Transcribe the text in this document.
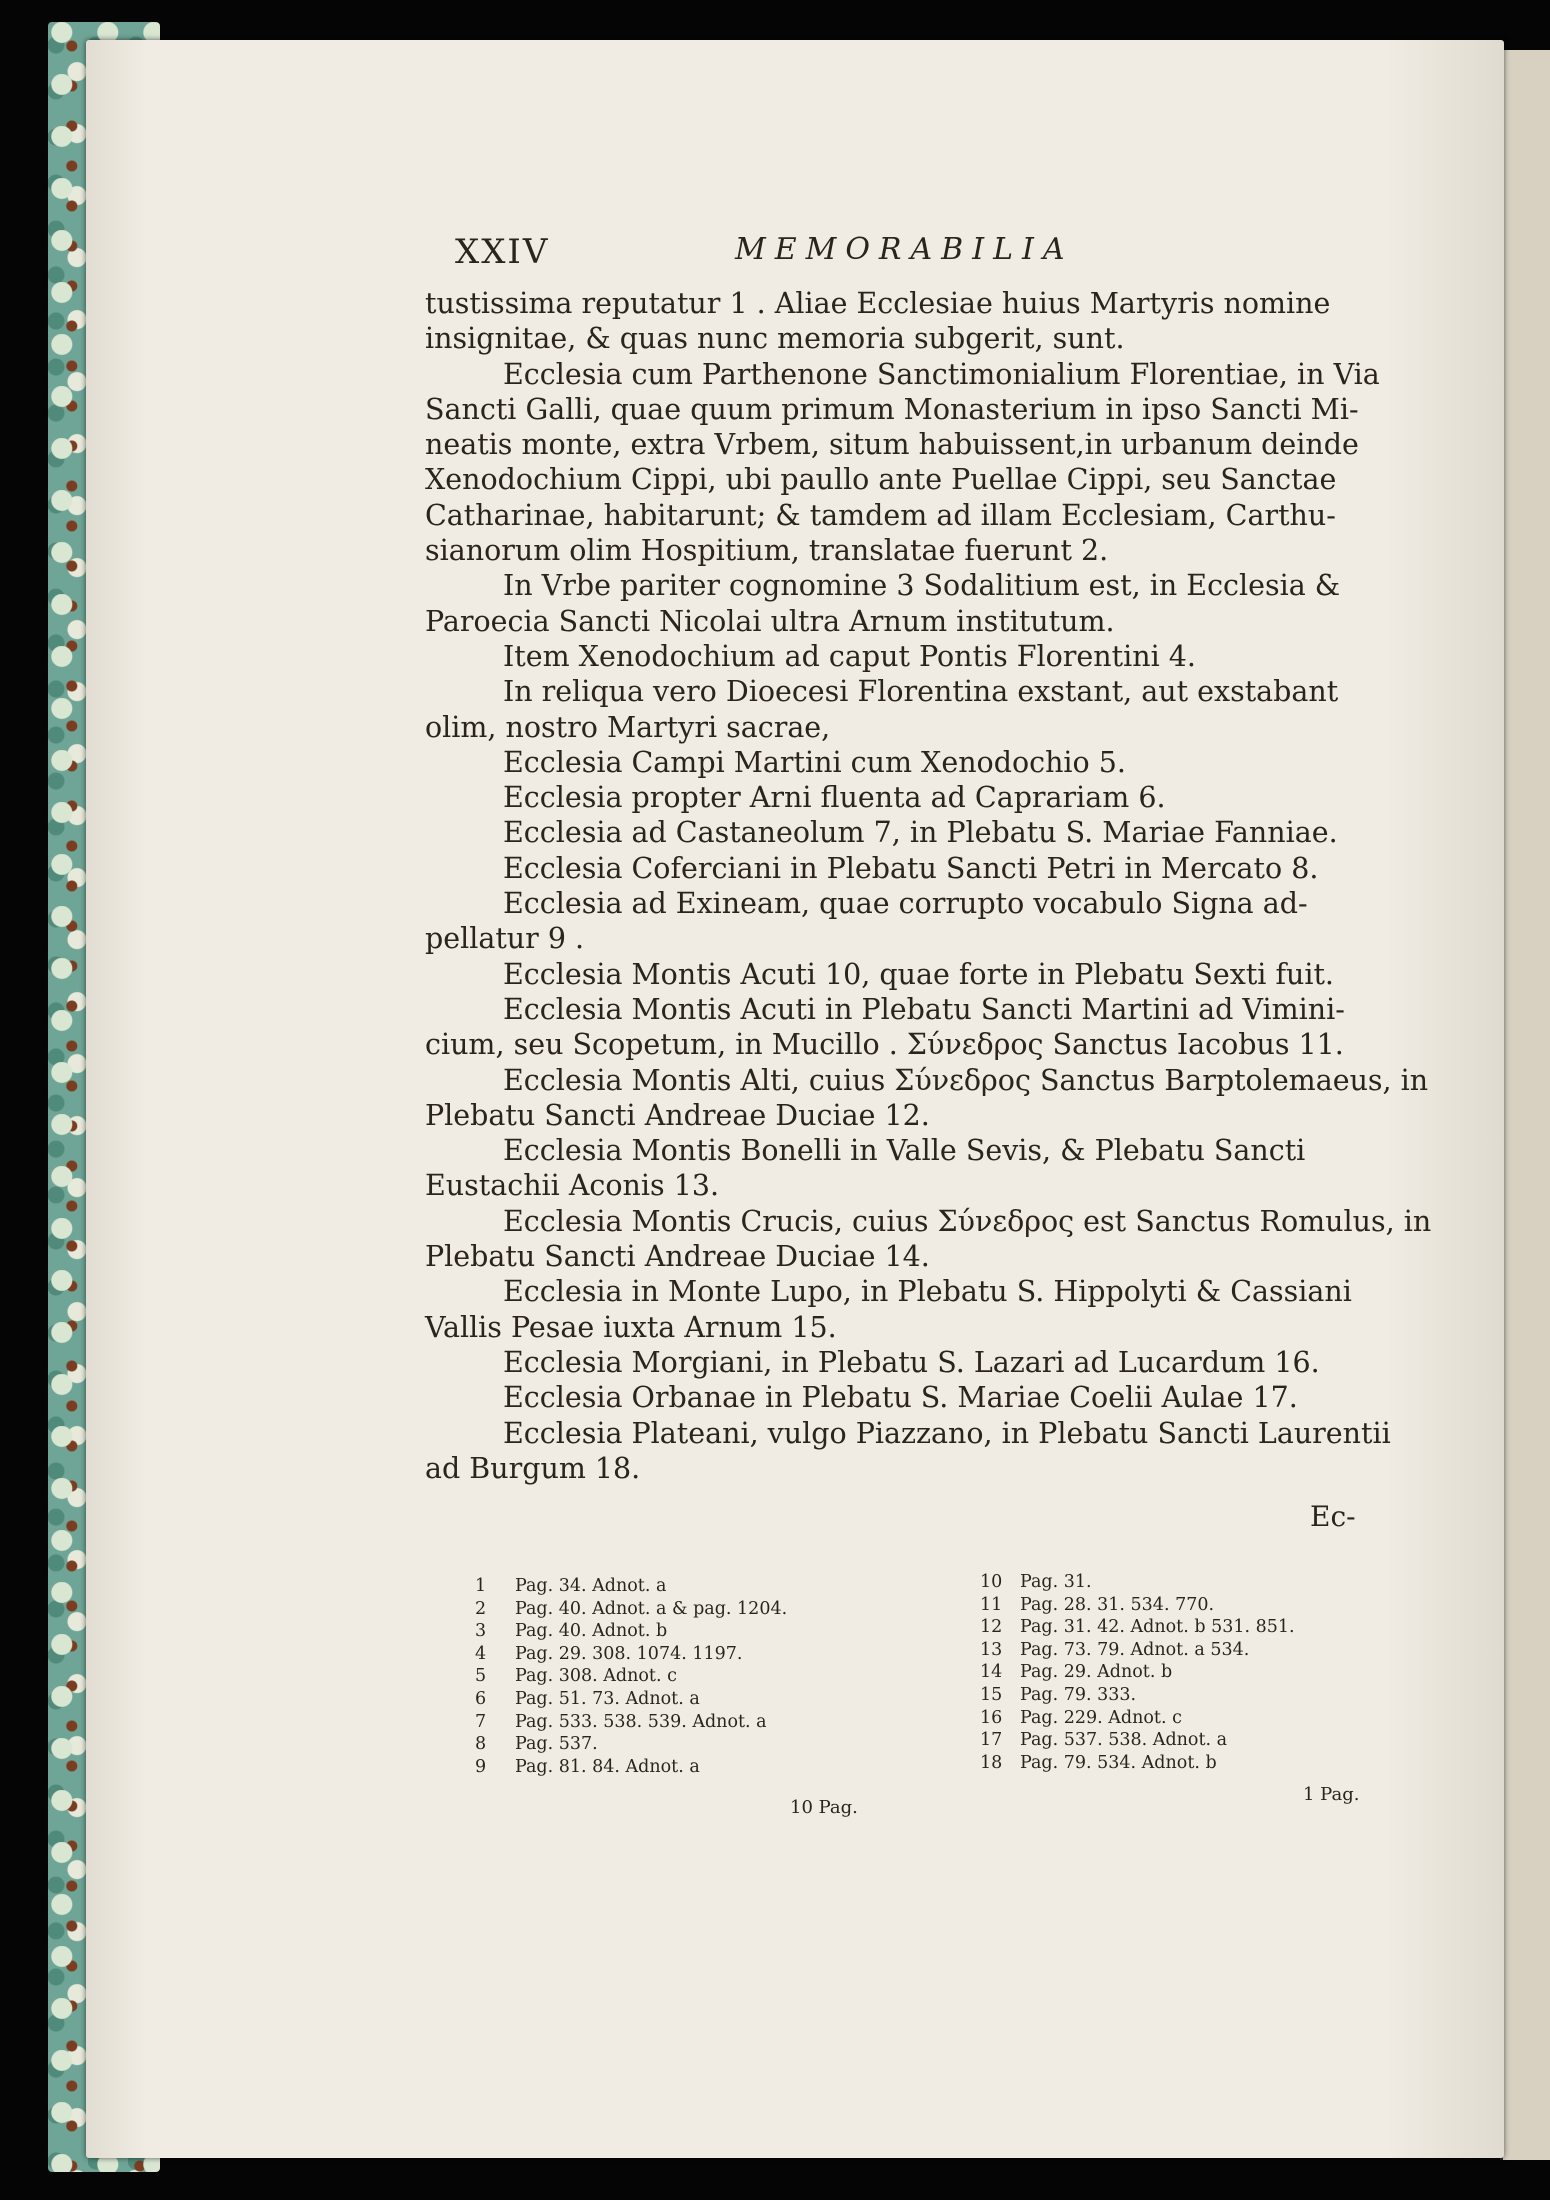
XXIV	MEMORABILIA
tustissima reputatur 1 . Aliae Ecclesiae huius Martyris nomine
insignitae, & quas nunc memoria subgerit, sunt.
Ecclesia cum Parthenone Sanctimonialium Florentiae, in Via
Sancti Galli, quae quum primum Monasterium in ipso Sancti Mi-
neatis monte, extra Vrbem, situm habuissent,in urbanum deinde
Xenodochium Cippi, ubi paullo ante Puellae Cippi, seu Sanctae
Catharinae, habitarunt; & tamdem ad illam Ecclesiam, Carthu-
sianorum olim Hospitium, translatae fuerunt 2.
In Vrbe pariter cognomine 3 Sodalitium est, in Ecclesia &
Paroecia Sancti Nicolai ultra Arnum institutum.
Item Xenodochium ad caput Pontis Florentini 4.
In reliqua vero Dioecesi Florentina exstant, aut exstabant
olim, nostro Martyri sacrae,
Ecclesia Campi Martini cum Xenodochio 5.
Ecclesia propter Arni fluenta ad Caprariam 6.
Ecclesia ad Castaneolum 7, in Plebatu S. Mariae Fanniae.
Ecclesia Coferciani in Plebatu Sancti Petri in Mercato 8.
Ecclesia ad Exineam, quae corrupto vocabulo Signa ad-
pellatur 9 .
Ecclesia Montis Acuti 10, quae forte in Plebatu Sexti fuit.
Ecclesia Montis Acuti in Plebatu Sancti Martini ad Vimini-
cium, seu Scopetum, in Mucillo . Σύνεδρος Sanctus Iacobus 11.
Ecclesia Montis Alti, cuius Σύνεδρος Sanctus Barptolemaeus, in
Plebatu Sancti Andreae Duciae 12.
Ecclesia Montis Bonelli in Valle Sevis, & Plebatu Sancti
Eustachii Aconis 13.
Ecclesia Montis Crucis, cuius Σύνεδρος est Sanctus Romulus, in
Plebatu Sancti Andreae Duciae 14.
Ecclesia in Monte Lupo, in Plebatu S. Hippolyti & Cassiani
Vallis Pesae iuxta Arnum 15.
Ecclesia Morgiani, in Plebatu S. Lazari ad Lucardum 16.
Ecclesia Orbanae in Plebatu S. Mariae Coelii Aulae 17.
Ecclesia Plateani, vulgo Piazzano, in Plebatu Sancti Laurentii
ad Burgum 18.
Ec-
1	Pag. 34. Adnot. a
2	Pag. 40. Adnot. a & pag. 1204.
3	Pag. 40. Adnot. b
4	Pag. 29. 308. 1074. 1197.
5	Pag. 308. Adnot. c
6	Pag. 51. 73. Adnot. a
7	Pag. 533. 538. 539. Adnot. a
8	Pag. 537.
9	Pag. 81. 84. Adnot. a
10	Pag. 31.
11	Pag. 28. 31. 534. 770.
12	Pag. 31. 42. Adnot. b 531. 851.
13	Pag. 73. 79. Adnot. a 534.
14	Pag. 29. Adnot. b
15	Pag. 79. 333.
16	Pag. 229. Adnot. c
17	Pag. 537. 538. Adnot. a
18	Pag. 79. 534. Adnot. b
10 Pag.
1 Pag.
